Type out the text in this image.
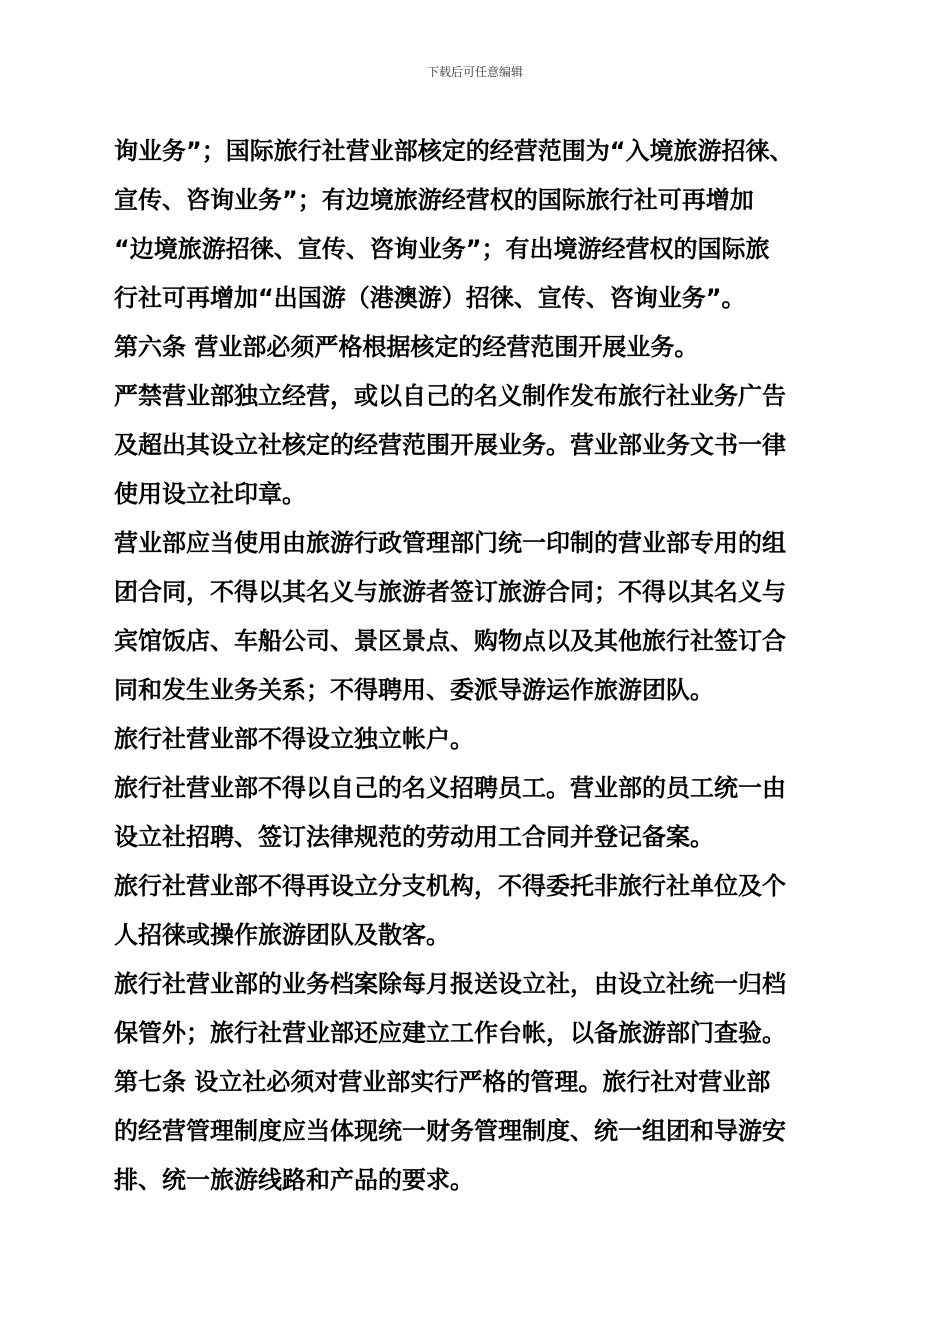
下载后可任意编辑
询业务”；国际旅行社营业部核定的经营范围为“入境旅游招徕、
宣传、咨询业务”；有边境旅游经营权的国际旅行社可再增加
“边境旅游招徕、宣传、咨询业务”；有出境游经营权的国际旅
行社可再增加“出国游（港澳游）招徕、宣传、咨询业务”。
第六条 营业部必须严格根据核定的经营范围开展业务。
严禁营业部独立经营，或以自己的名义制作发布旅行社业务广告
及超出其设立社核定的经营范围开展业务。营业部业务文书一律
使用设立社印章。
营业部应当使用由旅游行政管理部门统一印制的营业部专用的组
团合同，不得以其名义与旅游者签订旅游合同；不得以其名义与
宾馆饭店、车船公司、景区景点、购物点以及其他旅行社签订合
同和发生业务关系；不得聘用、委派导游运作旅游团队。
旅行社营业部不得设立独立帐户。
旅行社营业部不得以自己的名义招聘员工。营业部的员工统一由
设立社招聘、签订法律规范的劳动用工合同并登记备案。
旅行社营业部不得再设立分支机构，不得委托非旅行社单位及个
人招徕或操作旅游团队及散客。
旅行社营业部的业务档案除每月报送设立社，由设立社统一归档
保管外；旅行社营业部还应建立工作台帐，以备旅游部门查验。
第七条 设立社必须对营业部实行严格的管理。旅行社对营业部
的经营管理制度应当体现统一财务管理制度、统一组团和导游安
排、统一旅游线路和产品的要求。
